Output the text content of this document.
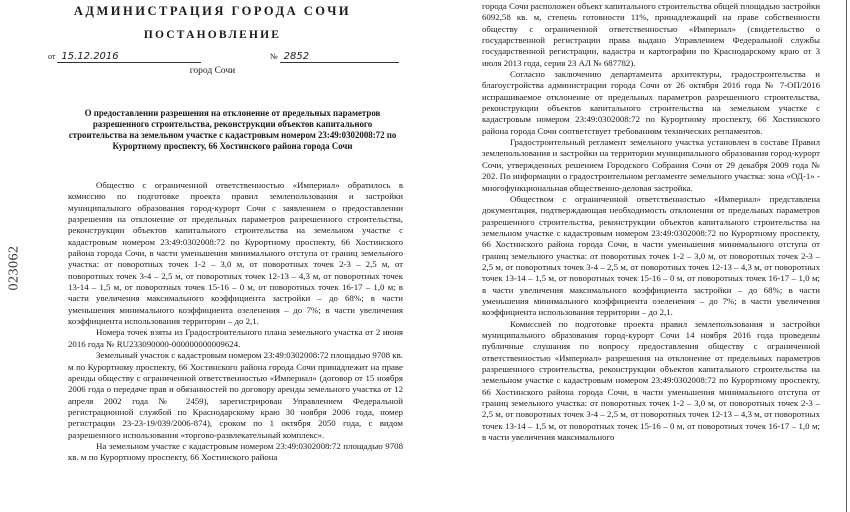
023062
АДМИНИСТРАЦИЯ ГОРОДА СОЧИ
ПОСТАНОВЛЕНИЕ
от 15.12.2016	№ 2852
город Сочи
О предоставлении разрешения на отклонение от предельных параметров разрешенного строительства, реконструкции объектов капитального строительства на земельном участке с кадастровым номером 23:49:0302008:72 по Курортному проспекту, 66 Хостинского района города Сочи

Общество с ограниченной ответственностью «Империал» обратилось в комиссию по подготовке проекта правил землепользования и застройки муниципального образования город-курорт Сочи с заявлением о предоставлении разрешения на отклонение от предельных параметров разрешенного строительства, реконструкции объектов капитального строительства на земельном участке с кадастровым номером 23:49:0302008:72 по Курортному проспекту, 66 Хостинского района города Сочи, в части уменьшения минимального отступа от границ земельного участка: от поворотных точек 1-2 – 3,0 м, от поворотных точек 2-3 – 2,5 м, от поворотных точек 3-4 – 2,5 м, от поворотных точек 12-13 – 4,3 м, от поворотных точек 13-14 – 1,5 м, от поворотных точек 15-16 – 0 м, от поворотных точек 16-17 – 1,0 м; в части увеличения максимального коэффициента застройки – до 68%; в части уменьшения минимального коэффициента озеленения – до 7%; в части увеличения коэффициента использования территории – до 2,1.

Номера точек взяты из Градостроительного плана земельного участка от 2 июня 2016 года № RU233090000-000000000009624.

Земельный участок с кадастровым номером 23:49:0302008:72 площадью 9708 кв. м по Курортному проспекту, 66 Хостинского района города Сочи принадлежит на праве аренды обществу с ограниченной ответственностью «Империал» (договор от 15 ноября 2006 года о передаче прав и обязанностей по договору аренды земельного участка от 12 апреля 2002 года № 2459), зарегистрирован Управлением Федеральной регистрационной службой по Краснодарскому краю 30 ноября 2006 года, номер регистрации 23-23-19/039/2006-874), сроком по 1 октября 2050 года, с видом разрешенного использования «торгово-развлекательный комплекс».

На земельном участке с кадастровым номером 23:49:0302008:72 площадью 9708 кв. м по Курортному проспекту, 66 Хостинского района

города Сочи расположен объект капитального строительства общей площадью застройки 6092,58 кв. м, степень готовности 11%, принадлежащий на праве собственности обществу с ограниченной ответственностью «Империал» (свидетельство о государственной регистрации права выдано Управлением Федеральной службы государственной регистрации, кадастра и картографии по Краснодарскому краю от 3 июля 2013 года, серия 23 АЛ № 687782).

Согласно заключению департамента архитектуры, градостроительства и благоустройства администрации города Сочи от 26 октября 2016 года № 7-ОП/2016 испрашиваемое отклонение от предельных параметров разрешенного строительства, реконструкции объектов капитального строительства на земельном участке с кадастровым номером 23:49:0302008:72 по Курортному проспекту, 66 Хостинского района города Сочи соответствует требованиям технических регламентов.

Градостроительный регламент земельного участка установлен в составе Правил землепользования и застройки на территории муниципального образования город-курорт Сочи, утвержденных решением Городского Собрания Сочи от 29 декабря 2009 года № 202. По информации о градостроительном регламенте земельного участка: зона «ОД-1» - многофункциональная общественно-деловая застройка.

Обществом с ограниченной ответственностью «Империал» представлена документация, подтверждающая необходимость отклонения от предельных параметров разрешенного строительства, реконструкции объектов капитального строительства на земельном участке с кадастровым номером 23:49:0302008:72 по Курортному проспекту, 66 Хостинского района города Сочи, в части уменьшения минимального отступа от границ земельного участка: от поворотных точек 1-2 – 3,0 м, от поворотных точек 2-3 – 2,5 м, от поворотных точек 3-4 – 2,5 м, от поворотных точек 12-13 – 4,3 м, от поворотных точек 13-14 – 1,5 м, от поворотных точек 15-16 – 0 м, от поворотных точек 16-17 – 1,0 м; в части увеличения максимального коэффициента застройки – до 68%; в части уменьшения минимального коэффициента озеленения – до 7%; в части увеличения коэффициента использования территории – до 2,1.

Комиссией по подготовке проекта правил землепользования и застройки муниципального образования город-курорт Сочи 14 ноября 2016 года проведены публичные слушания по вопросу предоставления обществу с ограниченной ответственностью «Империал» разрешения на отклонение от предельных параметров разрешенного строительства, реконструкции объектов капитального строительства на земельном участке с кадастровым номером 23:49:0302008:72 по Курортному проспекту, 66 Хостинского района города Сочи, в части уменьшения минимального отступа от границ земельного участка: от поворотных точек 1-2 – 3,0 м, от поворотных точек 2-3 – 2,5 м, от поворотных точек 3-4 – 2,5 м, от поворотных точек 12-13 – 4,3 м, от поворотных точек 13-14 – 1,5 м, от поворотных точек 15-16 – 0 м, от поворотных точек 16-17 – 1,0 м; в части увеличения максимального
